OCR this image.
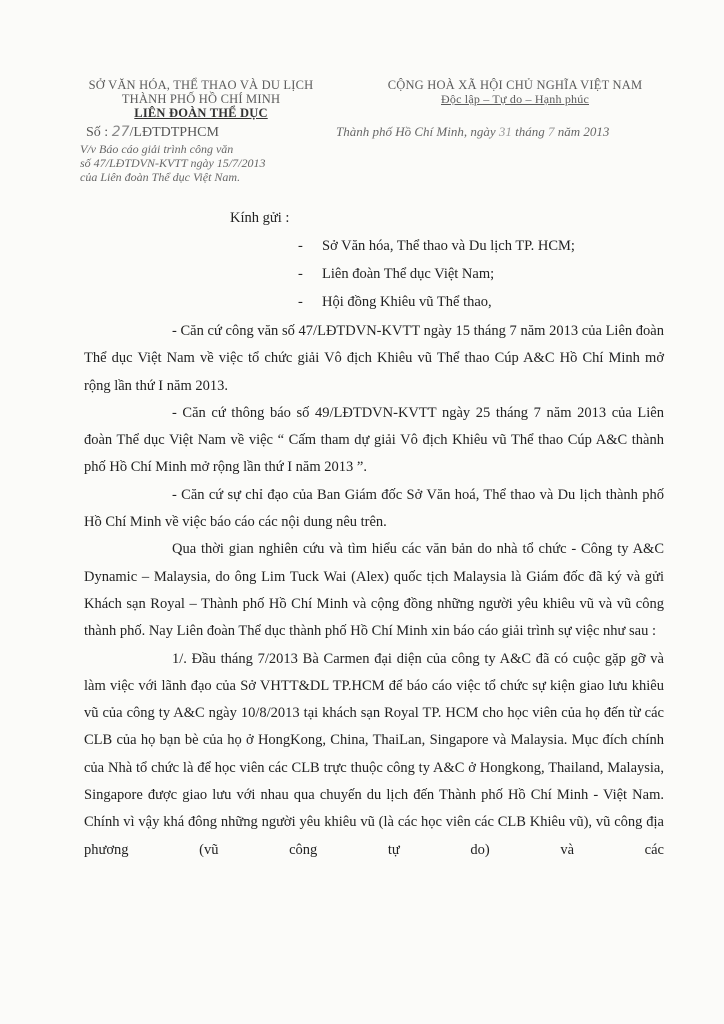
SỞ VĂN HÓA, THỂ THAO VÀ DU LỊCH
THÀNH PHỐ HỒ CHÍ MINH
LIÊN ĐOÀN THỂ DỤC
CỘNG HOÀ XÃ HỘI CHỦ NGHĨA VIỆT NAM
Độc lập – Tự do – Hạnh phúc
Số : 27/LĐTDTPHCM	Thành phố Hồ Chí Minh, ngày 31 tháng 7 năm 2013
V/v Báo cáo giải trình công văn
số 47/LĐTDVN-KVTT ngày 15/7/2013
của Liên đoàn Thể dục Việt Nam.
Kính gửi :
- Sở Văn hóa, Thể thao và Du lịch TP. HCM;
- Liên đoàn Thể dục Việt Nam;
- Hội đồng Khiêu vũ Thể thao,

- Căn cứ công văn số 47/LĐTDVN-KVTT ngày 15 tháng 7 năm 2013 của Liên đoàn Thể dục Việt Nam về việc tổ chức giải Vô địch Khiêu vũ Thể thao Cúp A&C Hồ Chí Minh mở rộng lần thứ I năm 2013.

- Căn cứ thông báo số 49/LĐTDVN-KVTT ngày 25 tháng 7 năm 2013 của Liên đoàn Thể dục Việt Nam về việc “ Cấm tham dự giải Vô địch Khiêu vũ Thể thao Cúp A&C thành phố Hồ Chí Minh mở rộng lần thứ I năm 2013 ”.

- Căn cứ sự chỉ đạo của Ban Giám đốc Sở Văn hoá, Thể thao và Du lịch thành phố Hồ Chí Minh về việc báo cáo các nội dung nêu trên.

Qua thời gian nghiên cứu và tìm hiểu các văn bản do nhà tổ chức - Công ty A&C Dynamic – Malaysia, do ông Lim Tuck Wai (Alex) quốc tịch Malaysia là Giám đốc đã ký và gửi Khách sạn Royal – Thành phố Hồ Chí Minh và cộng đồng những người yêu khiêu vũ và vũ công thành phố. Nay Liên đoàn Thể dục thành phố Hồ Chí Minh xin báo cáo giải trình sự việc như sau :

1/. Đầu tháng 7/2013 Bà Carmen đại diện của công ty A&C đã có cuộc gặp gỡ và làm việc với lãnh đạo của Sở VHTT&DL TP.HCM để báo cáo việc tổ chức sự kiện giao lưu khiêu vũ của công ty A&C ngày 10/8/2013 tại khách sạn Royal TP. HCM cho học viên của họ đến từ các CLB của họ bạn bè của họ ở HongKong, China, ThaiLan, Singapore và Malaysia. Mục đích chính của Nhà tổ chức là để học viên các CLB trực thuộc công ty A&C ở Hongkong, Thailand, Malaysia, Singapore được giao lưu với nhau qua chuyến du lịch đến Thành phố Hồ Chí Minh - Việt Nam. Chính vì vậy khá đông những người yêu khiêu vũ (là các học viên các CLB Khiêu vũ), vũ công địa phương (vũ công tự do) và các
